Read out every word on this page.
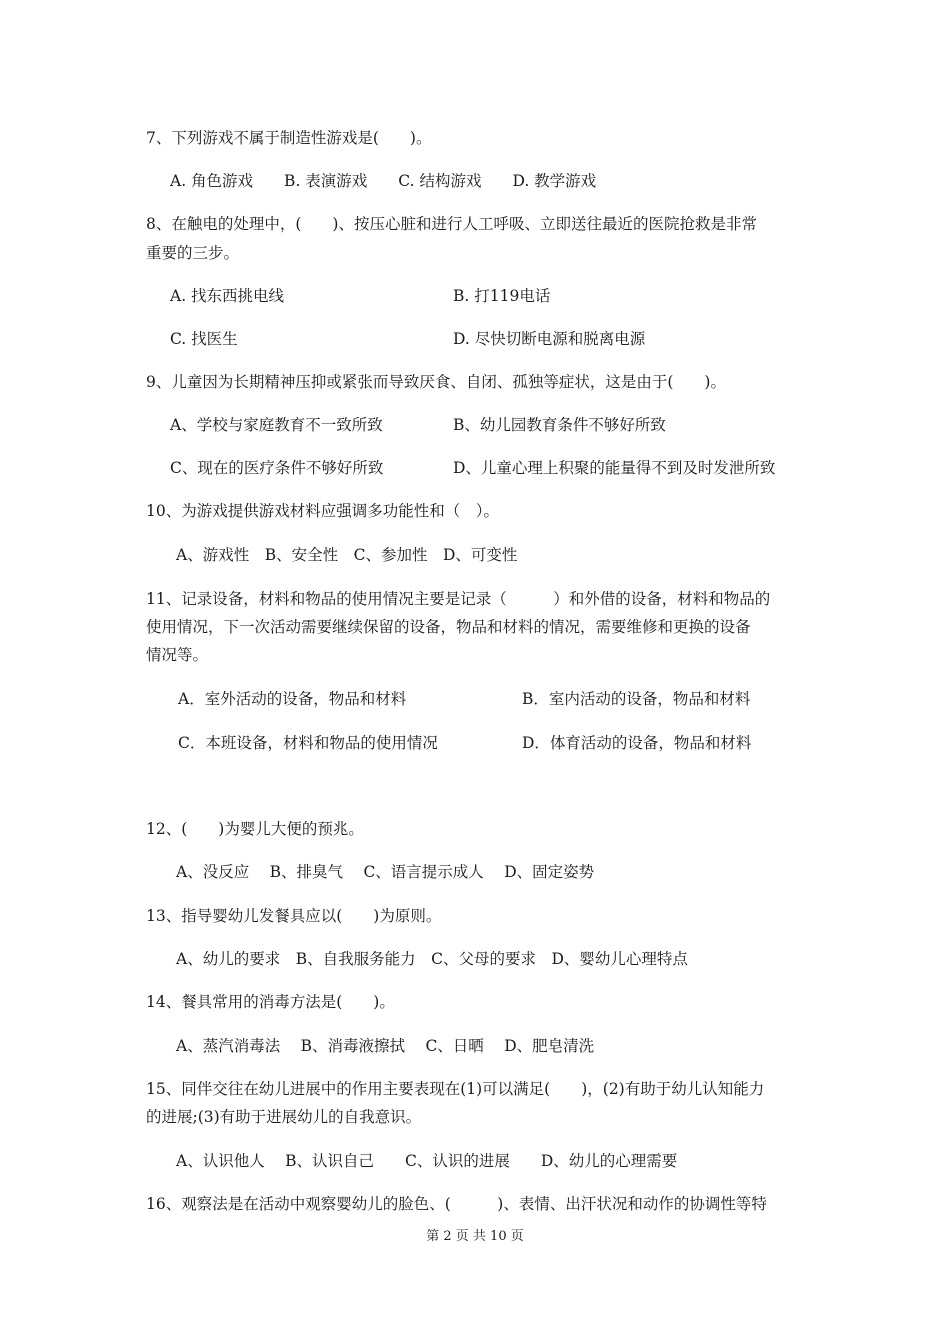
7、下列游戏不属于制造性游戏是(　　)。
A. 角色游戏　　B. 表演游戏　　C. 结构游戏　　D. 教学游戏
8、在触电的处理中，(　　)、按压心脏和进行人工呼吸、立即送往最近的医院抢救是非常
重要的三步。
A. 找东西挑电线	B. 打119电话
C. 找医生	D. 尽快切断电源和脱离电源
9、儿童因为长期精神压抑或紧张而导致厌食、自闭、孤独等症状，这是由于(　　)。
A、学校与家庭教育不一致所致	B、幼儿园教育条件不够好所致
C、现在的医疗条件不够好所致	D、儿童心理上积聚的能量得不到及时发泄所致
10、为游戏提供游戏材料应强调多功能性和（　）。
A、游戏性　B、安全性　C、参加性　D、可变性
11、记录设备，材料和物品的使用情况主要是记录（　　　）和外借的设备，材料和物品的
使用情况，下一次活动需要继续保留的设备，物品和材料的情况，需要维修和更换的设备
情况等。
A．室外活动的设备，物品和材料	B．室内活动的设备，物品和材料
C．本班设备，材料和物品的使用情况	D．体育活动的设备，物品和材料
12、(　　)为婴儿大便的预兆。
A、没反应　 B、排臭气　 C、语言提示成人　 D、固定姿势
13、指导婴幼儿发餐具应以(　　)为原则。
A、幼儿的要求　B、自我服务能力　C、父母的要求　D、婴幼儿心理特点
14、餐具常用的消毒方法是(　　)。
A、蒸汽消毒法　 B、消毒液擦拭　 C、日晒　 D、肥皂清洗
15、同伴交往在幼儿进展中的作用主要表现在(1)可以满足(　　)，(2)有助于幼儿认知能力
的进展;(3)有助于进展幼儿的自我意识。
A、认识他人　 B、认识自己　　C、认识的进展　　D、幼儿的心理需要
16、观察法是在活动中观察婴幼儿的脸色、(　　　)、表情、出汗状况和动作的协调性等特
第 2 页 共 10 页
